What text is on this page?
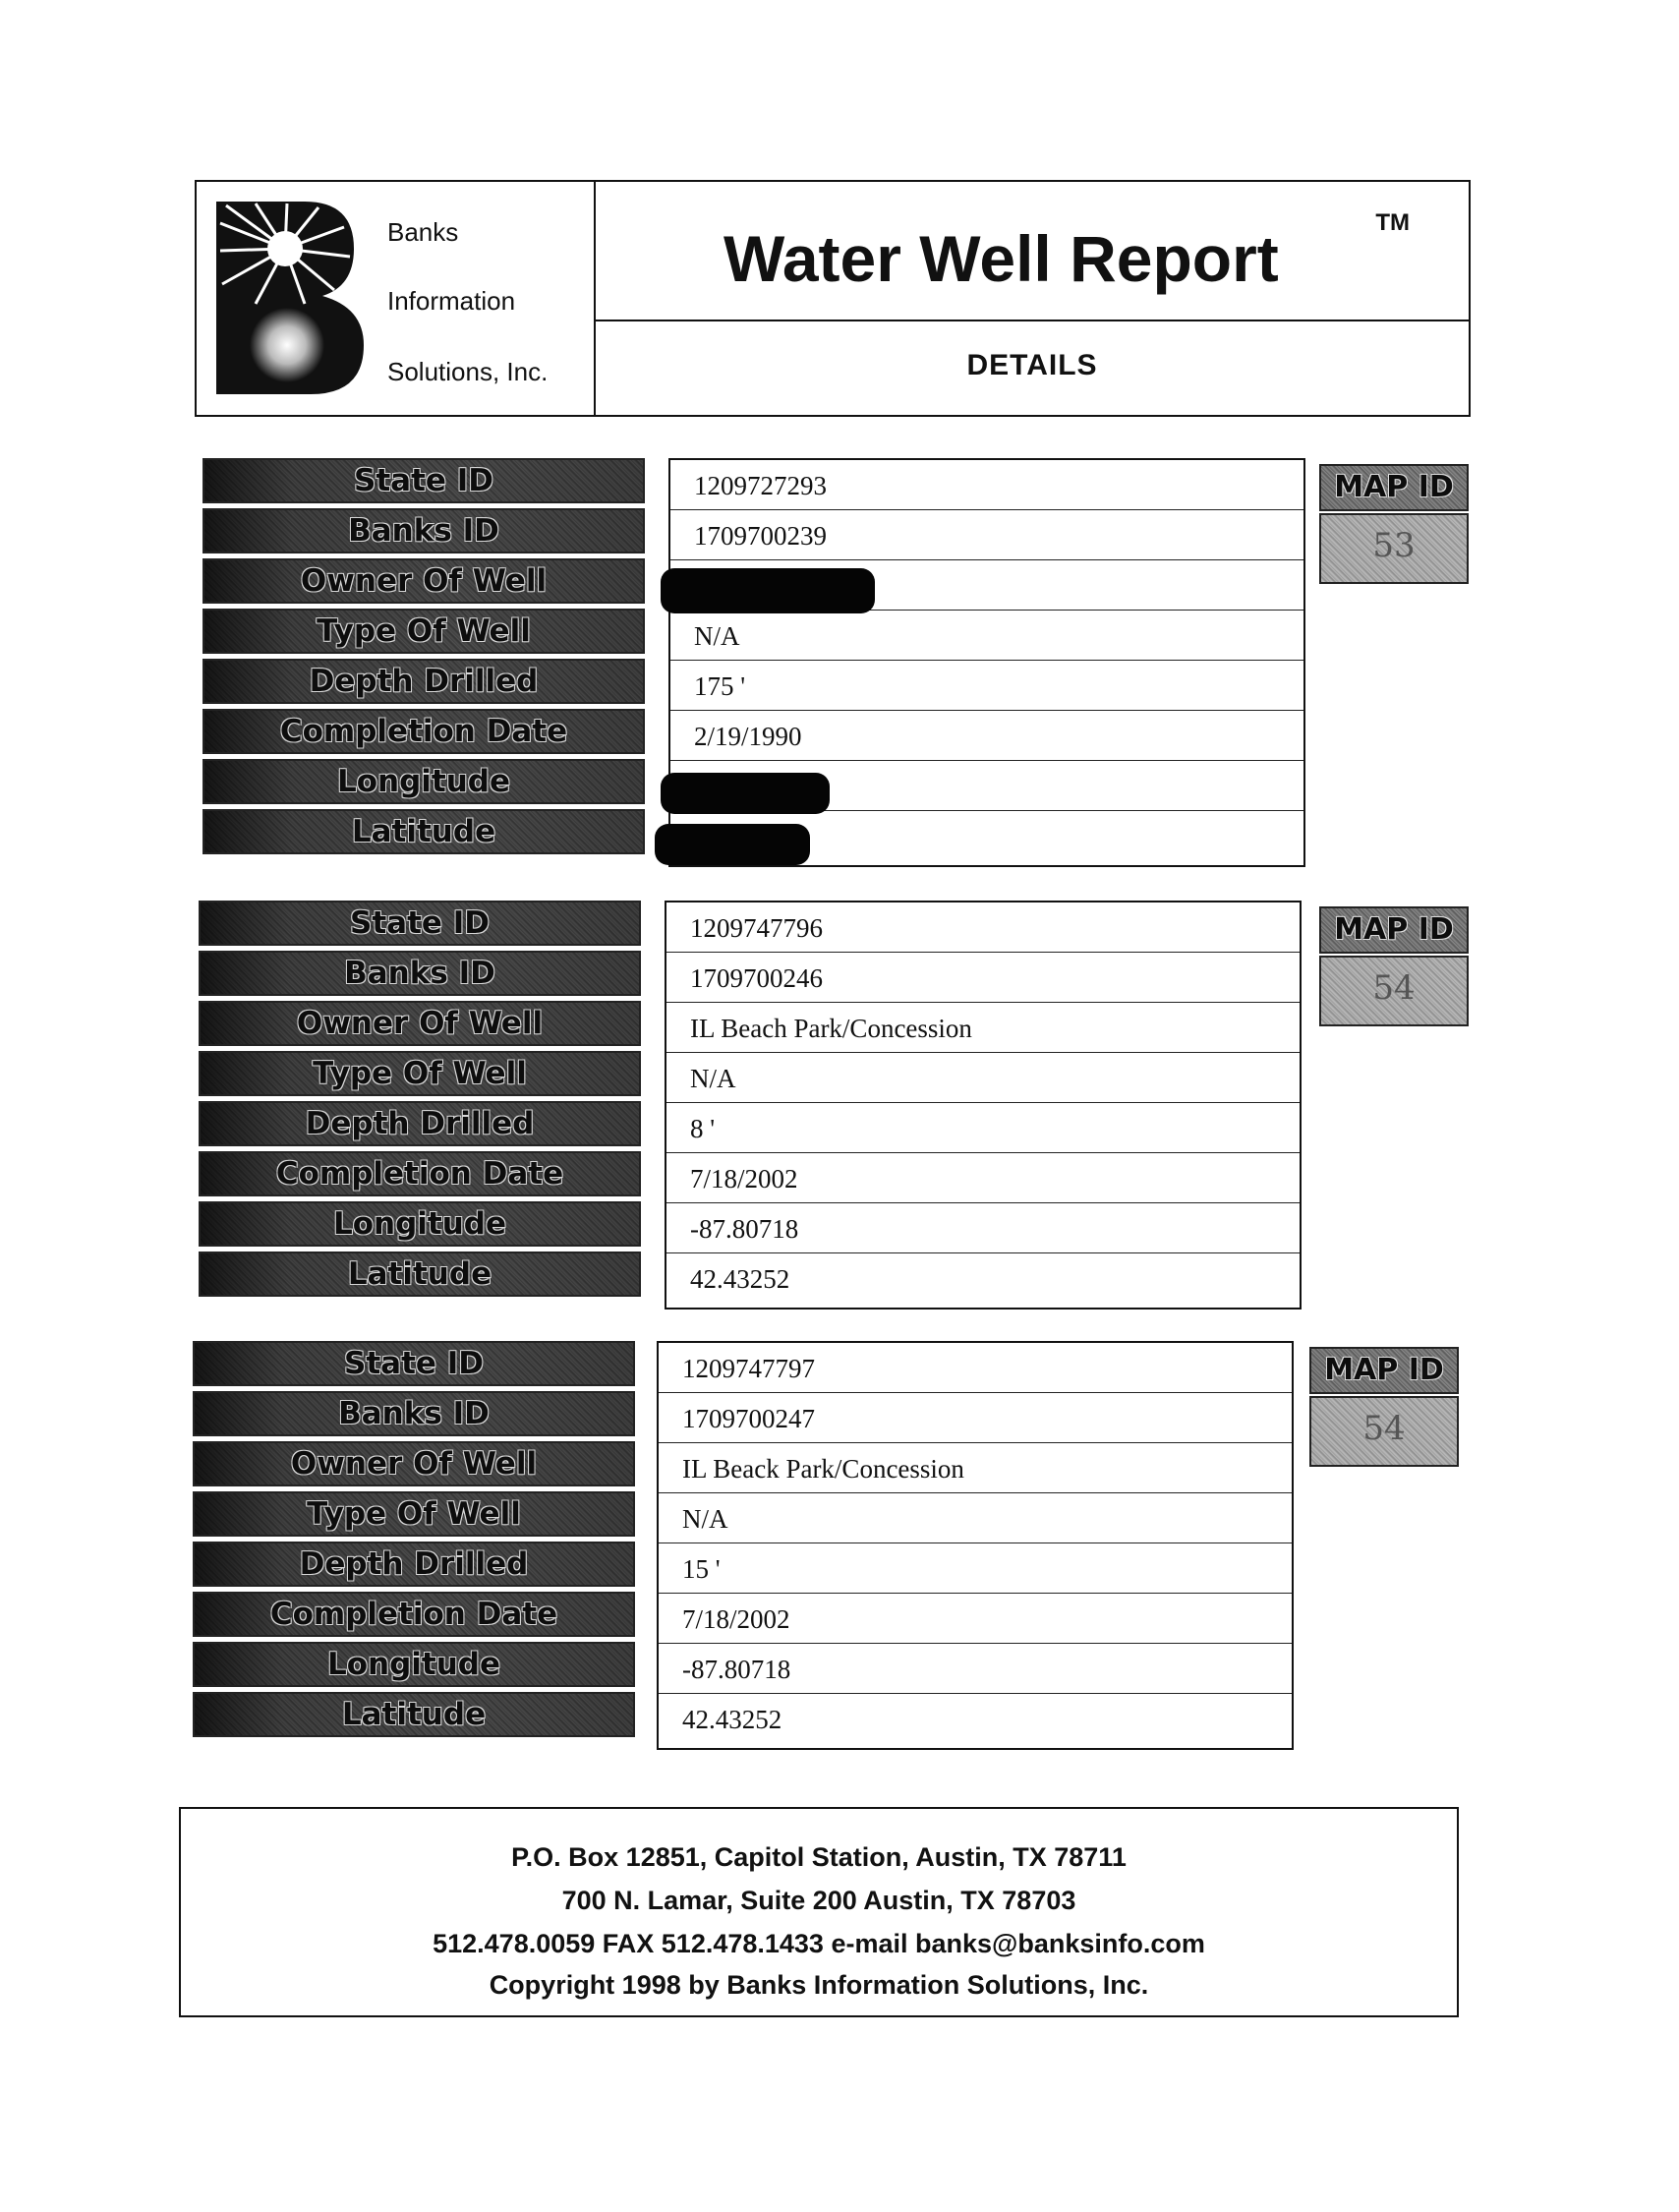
Banks
Information
Solutions, Inc.
Water Well Report	TM
DETAILS
State ID
Banks ID
Owner Of Well
Type Of Well
Depth Drilled
Completion Date
Longitude
Latitude
1209727293
1709700239
N/A
175 '
2/19/1990
MAP ID
53
State ID
Banks ID
Owner Of Well
Type Of Well
Depth Drilled
Completion Date
Longitude
Latitude
1209747796
1709700246
IL Beach Park/Concession
N/A
8 '
7/18/2002
-87.80718
42.43252
MAP ID
54
State ID
Banks ID
Owner Of Well
Type Of Well
Depth Drilled
Completion Date
Longitude
Latitude
1209747797
1709700247
IL Beack Park/Concession
N/A
15 '
7/18/2002
-87.80718
42.43252
MAP ID
54
P.O. Box 12851, Capitol Station, Austin, TX 78711
700 N. Lamar, Suite 200 Austin, TX 78703
512.478.0059 FAX 512.478.1433 e-mail banks@banksinfo.com
Copyright 1998 by Banks Information Solutions, Inc.
